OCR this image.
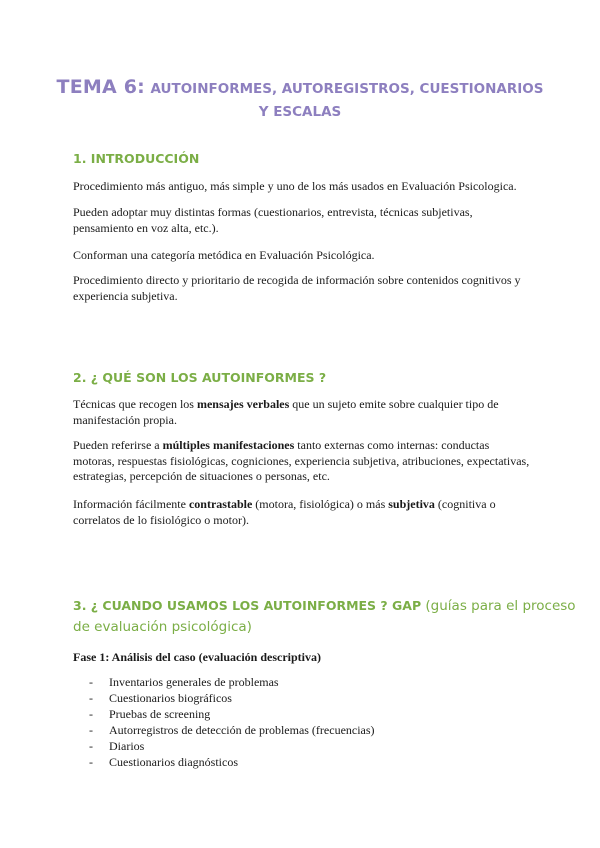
TEMA 6: AUTOINFORMES, AUTOREGISTROS, CUESTIONARIOS
Y ESCALAS
1. INTRODUCCIÓN

Procedimiento más antiguo, más simple y uno de los más usados en Evaluación Psicologica.

Pueden adoptar muy distintas formas (cuestionarios, entrevista, técnicas subjetivas, pensamiento en voz alta, etc.).

Conforman una categoría metódica en Evaluación Psicológica.

Procedimiento directo y prioritario de recogida de información sobre contenidos cognitivos y experiencia subjetiva.

2. ¿ QUÉ SON LOS AUTOINFORMES ?

Técnicas que recogen los mensajes verbales que un sujeto emite sobre cualquier tipo de manifestación propia.

Pueden referirse a múltiples manifestaciones tanto externas como internas: conductas motoras, respuestas fisiológicas, cogniciones, experiencia subjetiva, atribuciones, expectativas, estrategias, percepción de situaciones o personas, etc.

Información fácilmente contrastable (motora, fisiológica) o más subjetiva (cognitiva o correlatos de lo fisiológico o motor).

3. ¿ CUANDO USAMOS LOS AUTOINFORMES ? GAP (guías para el proceso
de evaluación psicológica)
Fase 1: Análisis del caso (evaluación descriptiva)
- Inventarios generales de problemas
- Cuestionarios biográficos
- Pruebas de screening
- Autorregistros de detección de problemas (frecuencias)
- Diarios
- Cuestionarios diagnósticos
